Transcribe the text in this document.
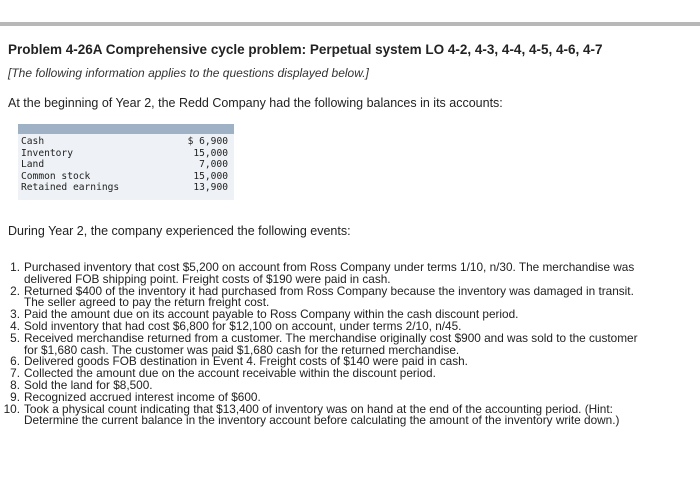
Problem 4-26A Comprehensive cycle problem: Perpetual system LO 4-2, 4-3, 4-4, 4-5, 4-6, 4-7
[The following information applies to the questions displayed below.]
At the beginning of Year 2, the Redd Company had the following balances in its accounts:
Cash	$ 6,900
Inventory	15,000
Land	7,000
Common stock	15,000
Retained earnings	13,900
During Year 2, the company experienced the following events:
1. Purchased inventory that cost $5,200 on account from Ross Company under terms 1/10, n/30. The merchandise was
delivered FOB shipping point. Freight costs of $190 were paid in cash.
2. Returned $400 of the inventory it had purchased from Ross Company because the inventory was damaged in transit.
The seller agreed to pay the return freight cost.
3. Paid the amount due on its account payable to Ross Company within the cash discount period.
4. Sold inventory that had cost $6,800 for $12,100 on account, under terms 2/10, n/45.
5. Received merchandise returned from a customer. The merchandise originally cost $900 and was sold to the customer
for $1,680 cash. The customer was paid $1,680 cash for the returned merchandise.
6. Delivered goods FOB destination in Event 4. Freight costs of $140 were paid in cash.
7. Collected the amount due on the account receivable within the discount period.
8. Sold the land for $8,500.
9. Recognized accrued interest income of $600.
10. Took a physical count indicating that $13,400 of inventory was on hand at the end of the accounting period. (Hint:
Determine the current balance in the inventory account before calculating the amount of the inventory write down.)
